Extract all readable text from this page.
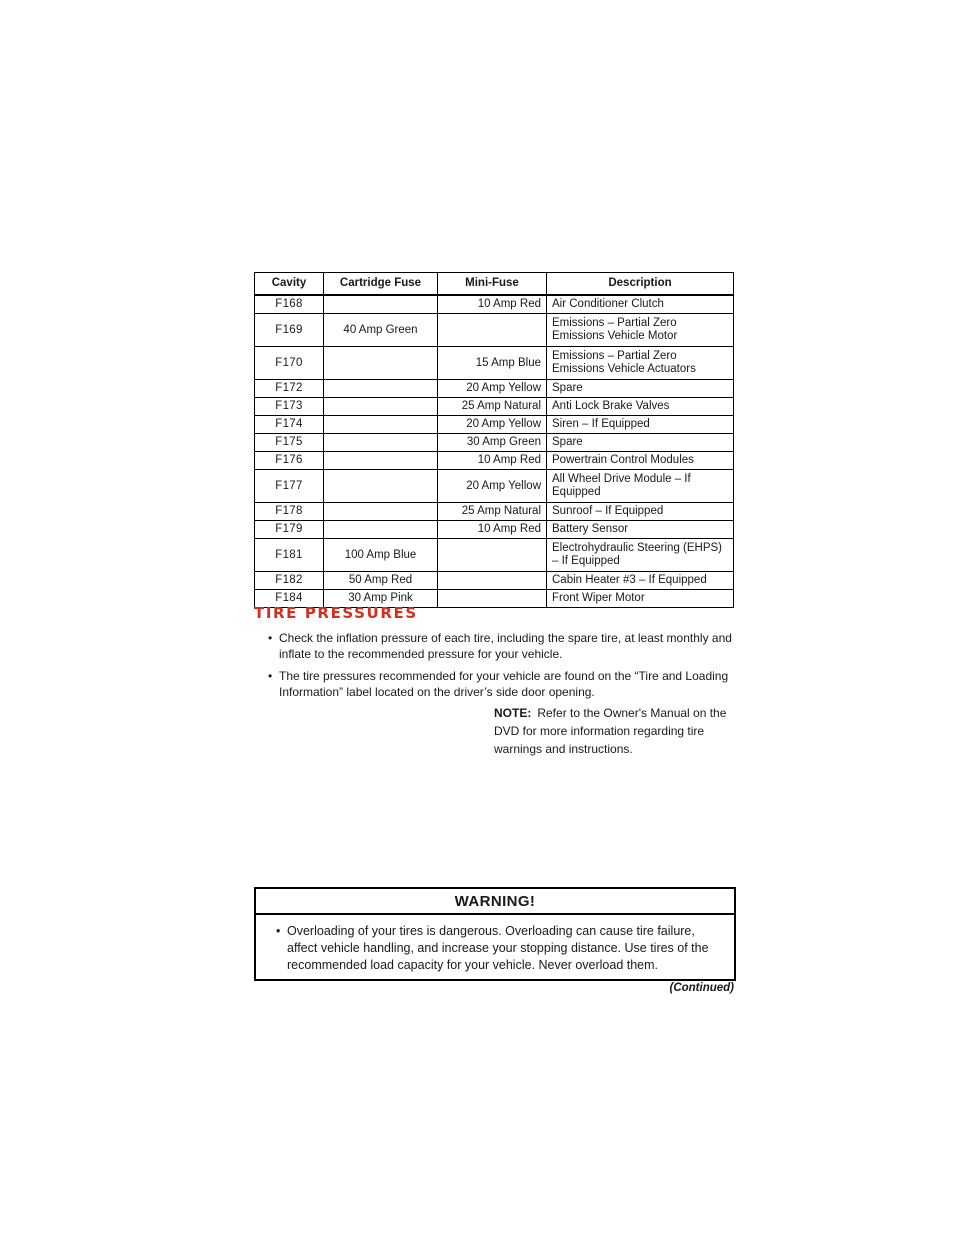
Cavity	Cartridge Fuse	Mini-Fuse	Description
F168		10 Amp Red	Air Conditioner Clutch
F169	40 Amp Green		Emissions – Partial Zero Emissions Vehicle Motor
F170		15 Amp Blue	Emissions – Partial Zero Emissions Vehicle Actuators
F172		20 Amp Yellow	Spare
F173		25 Amp Natural	Anti Lock Brake Valves
F174		20 Amp Yellow	Siren – If Equipped
F175		30 Amp Green	Spare
F176		10 Amp Red	Powertrain Control Modules
F177		20 Amp Yellow	All Wheel Drive Module – If Equipped
F178		25 Amp Natural	Sunroof – If Equipped
F179		10 Amp Red	Battery Sensor
F181	100 Amp Blue		Electrohydraulic Steering (EHPS) – If Equipped
F182	50 Amp Red		Cabin Heater #3 – If Equipped
F184	30 Amp Pink		Front Wiper Motor
TIRE PRESSURES
• Check the inflation pressure of each tire, including the spare tire, at least monthly and inflate to the recommended pressure for your vehicle.
• The tire pressures recommended for your vehicle are found on the “Tire and Loading Information” label located on the driver’s side door opening.
NOTE: Refer to the Owner's Manual on the DVD for more information regarding tire warnings and instructions.
WARNING!
• Overloading of your tires is dangerous. Overloading can cause tire failure, affect vehicle handling, and increase your stopping distance. Use tires of the recommended load capacity for your vehicle. Never overload them.
(Continued)
